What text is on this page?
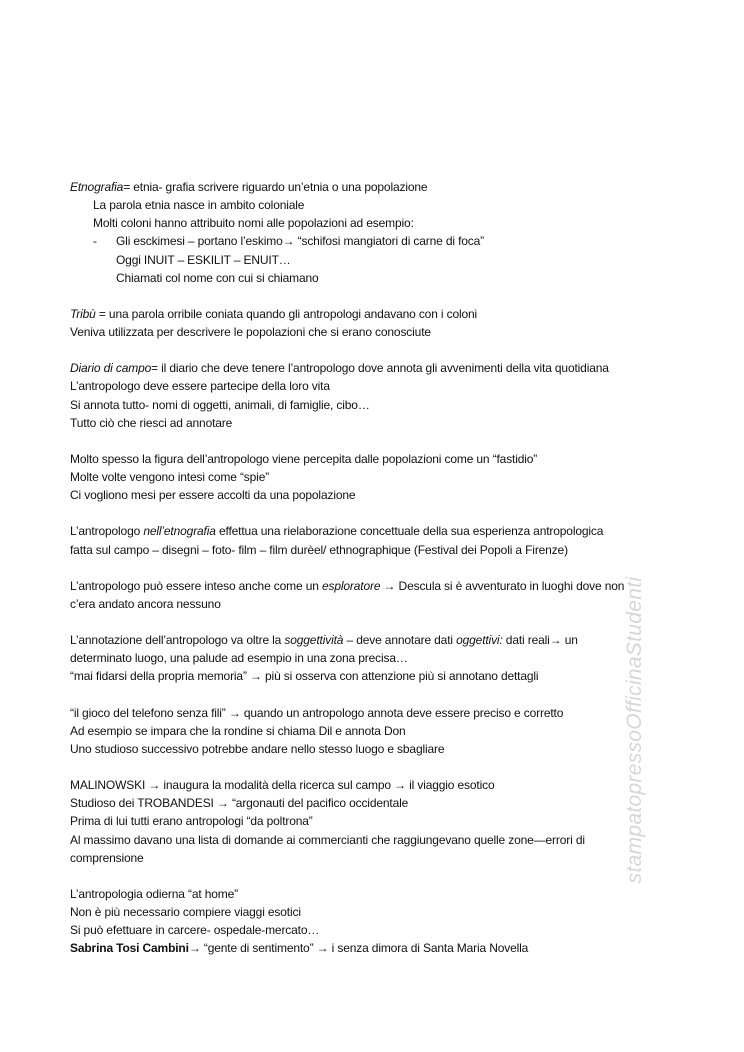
Etnografia= etnia- grafia scrivere riguardo un’etnia o una popolazione
La parola etnia nasce in ambito coloniale
Molti coloni hanno attribuito nomi alle popolazioni ad esempio:
- Gli esckimesi – portano l’eskimo→ “schifosi mangiatori di carne di foca”
Oggi INUIT – ESKILIT – ENUIT…
Chiamati col nome con cui si chiamano
Tribù = una parola orribile coniata quando gli antropologi andavano con i coloni
Veniva utilizzata per descrivere le popolazioni che si erano conosciute
Diario di campo= il diario che deve tenere l’antropologo dove annota gli avvenimenti della vita quotidiana
L’antropologo deve essere partecipe della loro vita
Si annota tutto- nomi di oggetti, animali, di famiglie, cibo…
Tutto ciò che riesci ad annotare
Molto spesso la figura dell’antropologo viene percepita dalle popolazioni come un “fastidio”
Molte volte vengono intesi come “spie”
Ci vogliono mesi per essere accolti da una popolazione
L’antropologo nell’etnografia effettua una rielaborazione concettuale della sua esperienza antropologica
fatta sul campo – disegni – foto- film – film durèel/ ethnographique (Festival dei Popoli a Firenze)
L’antropologo può essere inteso anche come un esploratore → Descula si è avventurato in luoghi dove non
c’era andato ancora nessuno
L’annotazione dell’antropologo va oltre la soggettività – deve annotare dati oggettivi: dati reali→ un
determinato luogo, una palude ad esempio in una zona precisa…
“mai fidarsi della propria memoria” → più si osserva con attenzione più si annotano dettagli
“il gioco del telefono senza fili” → quando un antropologo annota deve essere preciso e corretto
Ad esempio se impara che la rondine si chiama Dil e annota Don
Uno studioso successivo potrebbe andare nello stesso luogo e sbagliare
MALINOWSKI → inaugura la modalità della ricerca sul campo → il viaggio esotico
Studioso dei TROBANDESI → “argonauti del pacifico occidentale
Prima di lui tutti erano antropologi “da poltrona”
Al massimo davano una lista di domande ai commercianti che raggiungevano quelle zone—errori di
comprensione
L’antropologia odierna “at home”
Non è più necessario compiere viaggi esotici
Si può efettuare in carcere- ospedale-mercato…
Sabrina Tosi Cambini→ “gente di sentimento” → i senza dimora di Santa Maria Novella
stampatopressoOfficinaStudenti
